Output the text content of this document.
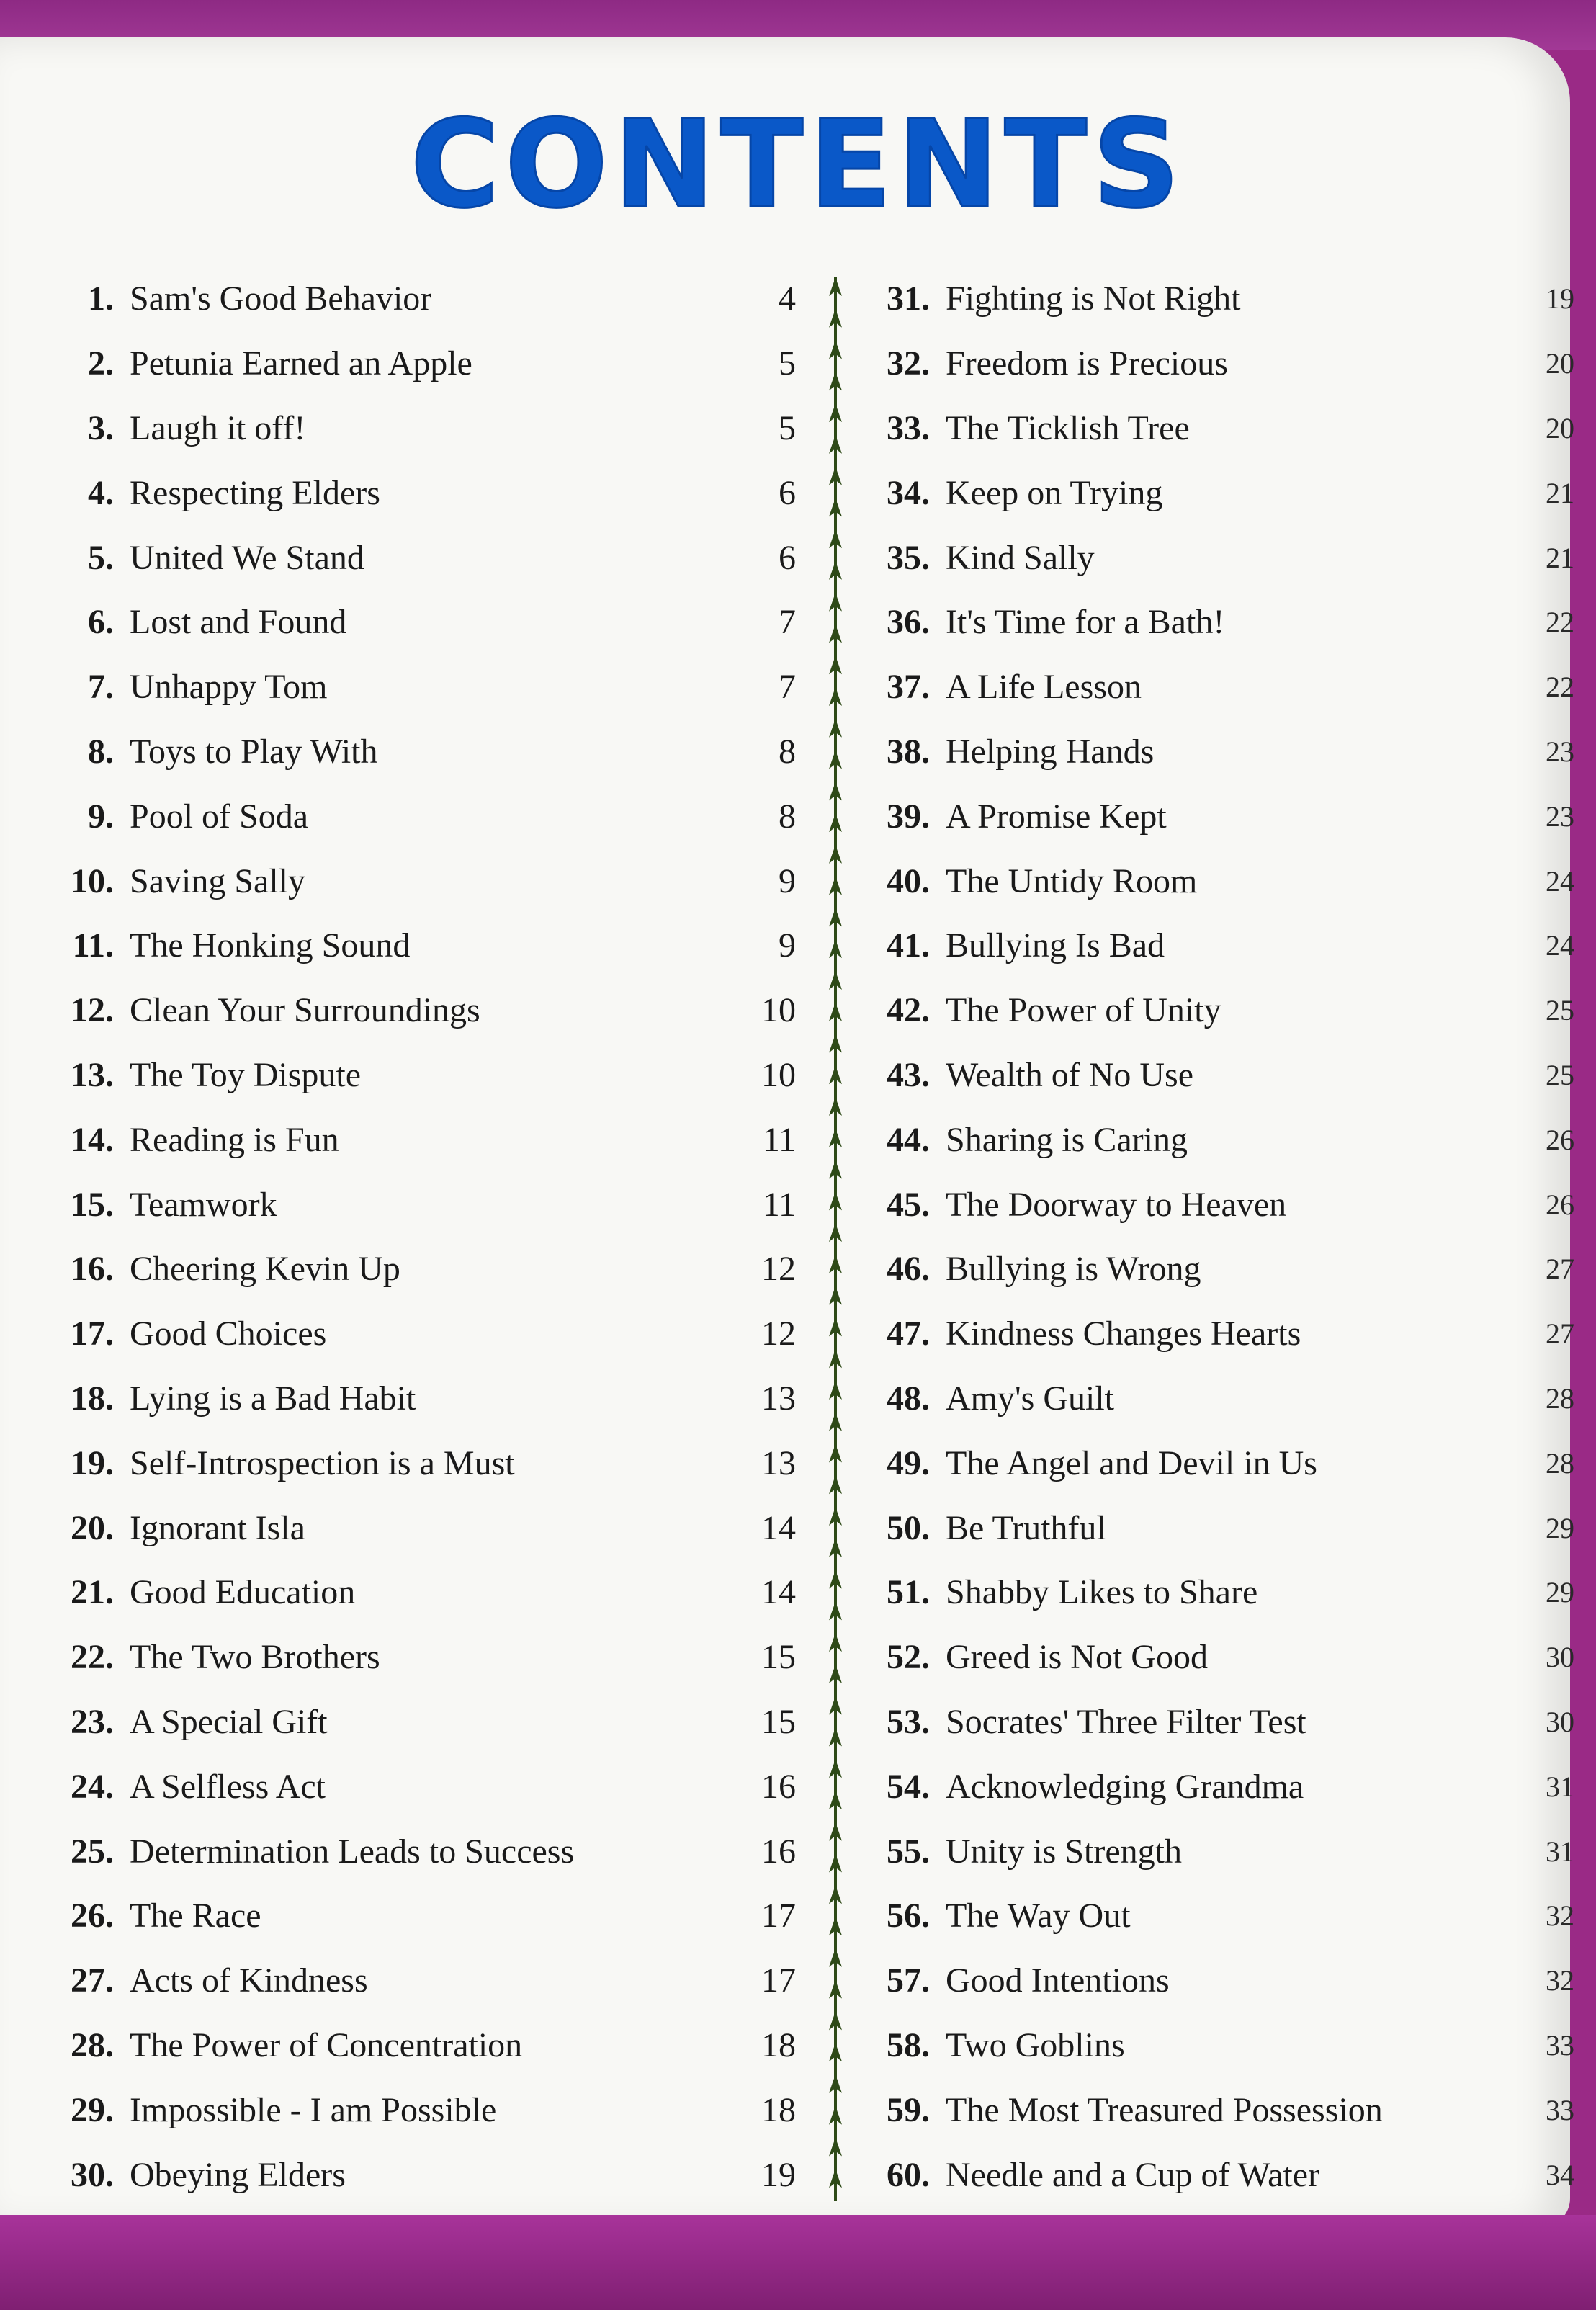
CONTENTS
1. Sam's Good Behavior	4
2. Petunia Earned an Apple	5
3. Laugh it off!	5
4. Respecting Elders	6
5. United We Stand	6
6. Lost and Found	7
7. Unhappy Tom	7
8. Toys to Play With	8
9. Pool of Soda	8
10. Saving Sally	9
11. The Honking Sound	9
12. Clean Your Surroundings	10
13. The Toy Dispute	10
14. Reading is Fun	11
15. Teamwork	11
16. Cheering Kevin Up	12
17. Good Choices	12
18. Lying is a Bad Habit	13
19. Self-Introspection is a Must	13
20. Ignorant Isla	14
21. Good Education	14
22. The Two Brothers	15
23. A Special Gift	15
24. A Selfless Act	16
25. Determination Leads to Success	16
26. The Race	17
27. Acts of Kindness	17
28. The Power of Concentration	18
29. Impossible - I am Possible	18
30. Obeying Elders	19
31. Fighting is Not Right	19
32. Freedom is Precious	20
33. The Ticklish Tree	20
34. Keep on Trying	21
35. Kind Sally	21
36. It's Time for a Bath!	22
37. A Life Lesson	22
38. Helping Hands	23
39. A Promise Kept	23
40. The Untidy Room	24
41. Bullying Is Bad	24
42. The Power of Unity	25
43. Wealth of No Use	25
44. Sharing is Caring	26
45. The Doorway to Heaven	26
46. Bullying is Wrong	27
47. Kindness Changes Hearts	27
48. Amy's Guilt	28
49. The Angel and Devil in Us	28
50. Be Truthful	29
51. Shabby Likes to Share	29
52. Greed is Not Good	30
53. Socrates' Three Filter Test	30
54. Acknowledging Grandma	31
55. Unity is Strength	31
56. The Way Out	32
57. Good Intentions	32
58. Two Goblins	33
59. The Most Treasured Possession	33
60. Needle and a Cup of Water	34
